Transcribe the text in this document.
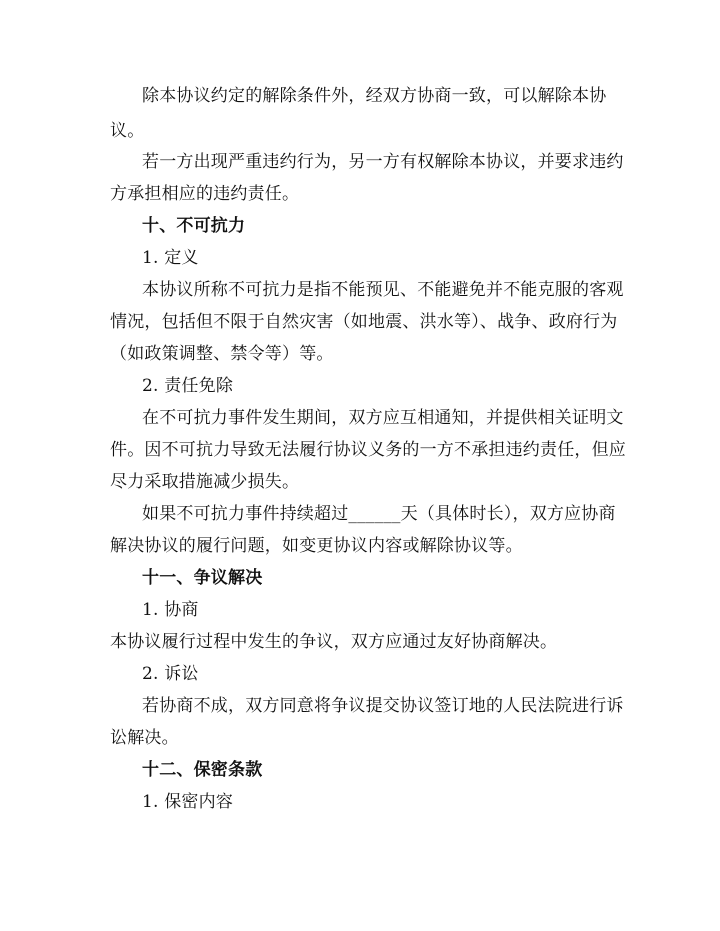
除本协议约定的解除条件外，经双方协商一致，可以解除本协
议。
若一方出现严重违约行为，另一方有权解除本协议，并要求违约
方承担相应的违约责任。
十、不可抗力
1. 定义
本协议所称不可抗力是指不能预见、不能避免并不能克服的客观
情况，包括但不限于自然灾害（如地震、洪水等）、战争、政府行为
（如政策调整、禁令等）等。
2. 责任免除
在不可抗力事件发生期间，双方应互相通知，并提供相关证明文
件。因不可抗力导致无法履行协议义务的一方不承担违约责任，但应
尽力采取措施减少损失。
如果不可抗力事件持续超过______天（具体时长），双方应协商
解决协议的履行问题，如变更协议内容或解除协议等。
十一、争议解决
1. 协商
本协议履行过程中发生的争议，双方应通过友好协商解决。
2. 诉讼
若协商不成，双方同意将争议提交协议签订地的人民法院进行诉
讼解决。
十二、保密条款
1. 保密内容
